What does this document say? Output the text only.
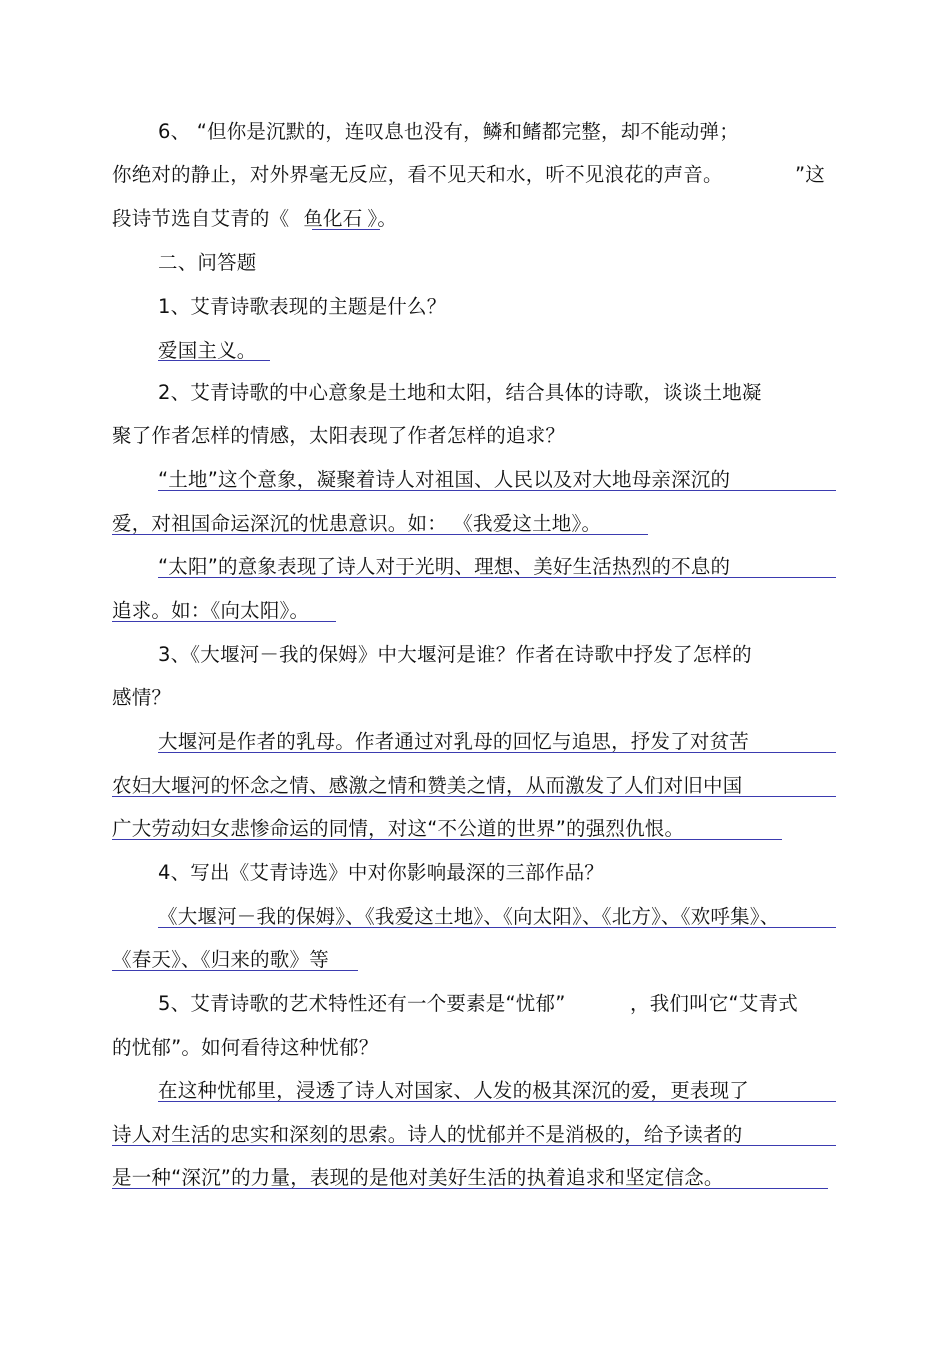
6、 “但你是沉默的，连叹息也没有，鳞和鳍都完整，却不能动弹；
你绝对的静止，对外界毫无反应，看不见天和水，听不见浪花的声音。	”这
段诗节选自艾青的《 鱼化石 》。
二、问答题
1、艾青诗歌表现的主题是什么？
爱国主义。
2、艾青诗歌的中心意象是土地和太阳，结合具体的诗歌，谈谈土地凝
聚了作者怎样的情感，太阳表现了作者怎样的追求？
“土地”这个意象，凝聚着诗人对祖国、人民以及对大地母亲深沉的
爱，对祖国命运深沉的忧患意识。如： 《我爱这土地》。
“太阳”的意象表现了诗人对于光明、理想、美好生活热烈的不息的
追求。如：《向太阳》。
3、《大堰河－我的保姆》中大堰河是谁？作者在诗歌中抒发了怎样的
感情？
大堰河是作者的乳母。作者通过对乳母的回忆与追思，抒发了对贫苦
农妇大堰河的怀念之情、感激之情和赞美之情，从而激发了人们对旧中国
广大劳动妇女悲惨命运的同情，对这“不公道的世界”的强烈仇恨。
4、写出《艾青诗选》中对你影响最深的三部作品？
《大堰河－我的保姆》、《我爱这土地》、《向太阳》、《北方》、《欢呼集》、
《春天》、《归来的歌》等
5、艾青诗歌的艺术特性还有一个要素是“忧郁”	，我们叫它“艾青式
的忧郁”。如何看待这种忧郁？
在这种忧郁里，浸透了诗人对国家、人发的极其深沉的爱，更表现了
诗人对生活的忠实和深刻的思索。诗人的忧郁并不是消极的，给予读者的
是一种“深沉”的力量，表现的是他对美好生活的执着追求和坚定信念。
